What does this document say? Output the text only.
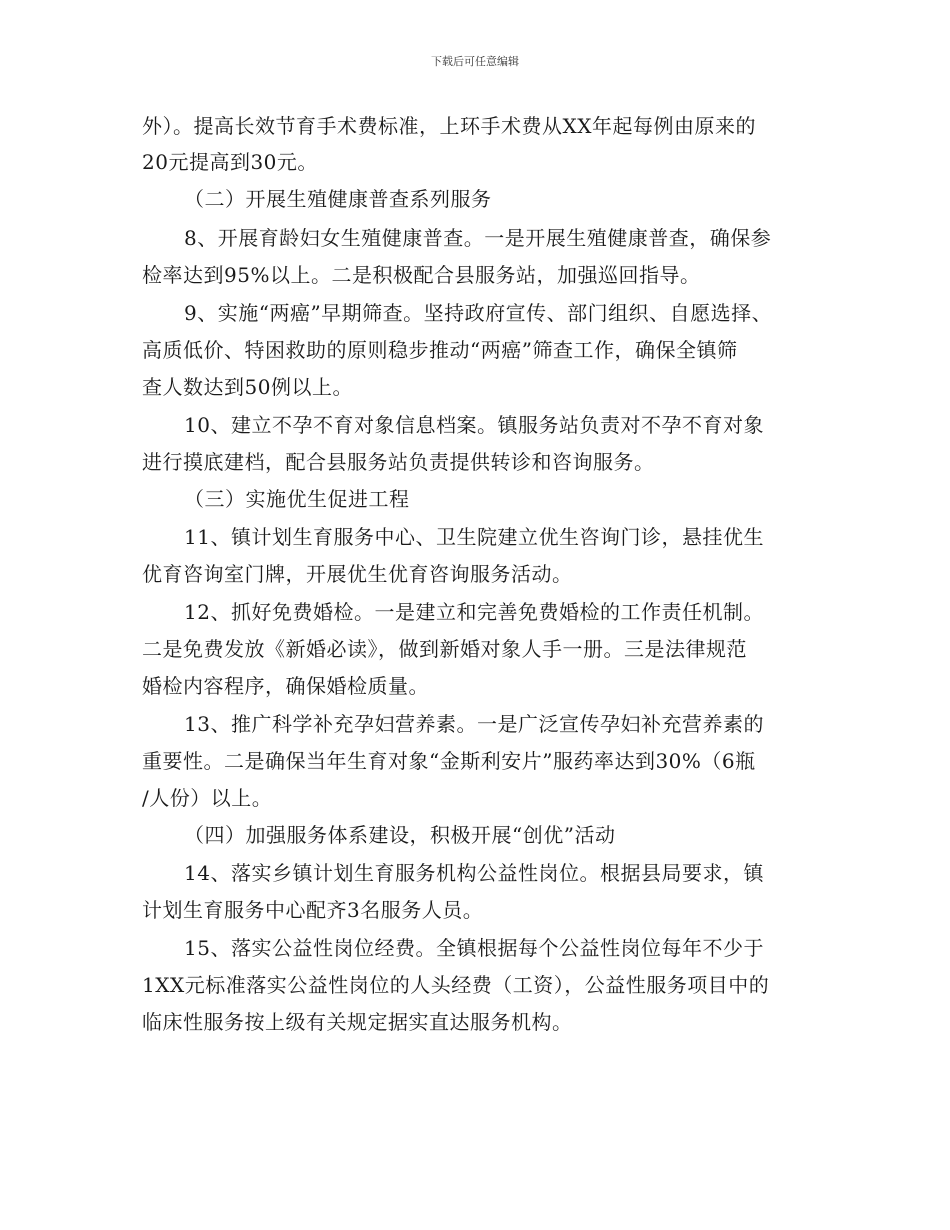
下载后可任意编辑
外）。提高长效节育手术费标准，上环手术费从XX年起每例由原来的
20元提高到30元。
（二）开展生殖健康普查系列服务
8、开展育龄妇女生殖健康普查。一是开展生殖健康普查，确保参
检率达到95%以上。二是积极配合县服务站，加强巡回指导。
9、实施“两癌”早期筛查。坚持政府宣传、部门组织、自愿选择、
高质低价、特困救助的原则稳步推动“两癌”筛查工作，确保全镇筛
查人数达到50例以上。
10、建立不孕不育对象信息档案。镇服务站负责对不孕不育对象
进行摸底建档，配合县服务站负责提供转诊和咨询服务。
（三）实施优生促进工程
11、镇计划生育服务中心、卫生院建立优生咨询门诊，悬挂优生
优育咨询室门牌，开展优生优育咨询服务活动。
12、抓好免费婚检。一是建立和完善免费婚检的工作责任机制。
二是免费发放《新婚必读》，做到新婚对象人手一册。三是法律规范
婚检内容程序，确保婚检质量。
13、推广科学补充孕妇营养素。一是广泛宣传孕妇补充营养素的
重要性。二是确保当年生育对象“金斯利安片”服药率达到30%（6瓶
/人份）以上。
（四）加强服务体系建设，积极开展“创优”活动
14、落实乡镇计划生育服务机构公益性岗位。根据县局要求，镇
计划生育服务中心配齐3名服务人员。
15、落实公益性岗位经费。全镇根据每个公益性岗位每年不少于
1XX元标准落实公益性岗位的人头经费（工资），公益性服务项目中的
临床性服务按上级有关规定据实直达服务机构。
